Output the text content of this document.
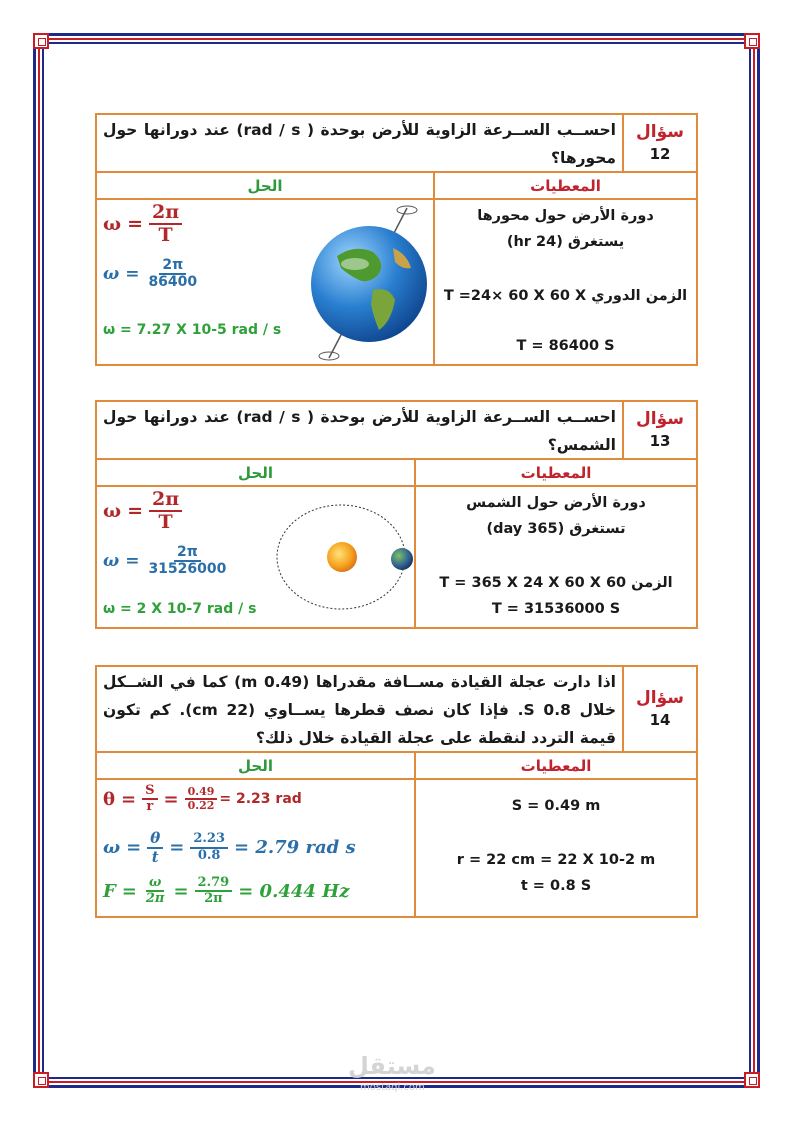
سؤال
12
احســب الســرعة الزاوية للأرض بوحدة ( rad / s) عند دورانها حول محورها؟
المعطيات
الحل
دورة الأرض حول محورها
يستغرق (24 hr)
الزمن الدوري T =24× 60 X 60 X
T = 86400 S
$\omega = \frac{2\pi}{T}$
$\omega = \frac{2\pi}{86400}$
ω = 7.27 X 10-5 rad / s
سؤال
13
احســب الســرعة الزاوية للأرض بوحدة ( rad / s) عند دورانها حول الشمس؟
المعطيات
الحل
دورة الأرض حول الشمس
تستغرق (365 day)
الزمن T = 365 X 24 X 60 X 60
T = 31536000 S
$\omega = \frac{2\pi}{T}$
$\omega = \frac{2\pi}{31526000}$
ω = 2 X 10-7 rad / s
سؤال
14
اذا دارت عجلة القيادة مســافة مقدراها (0.49 m) كما في الشــكل خلال S 0.8. فإذا كان نصف قطرها يســاوي (22 cm). كم تكون قيمة التردد لنقطة على عجلة القيادة خلال ذلك؟
المعطيات
الحل
S = 0.49 m
r = 22 cm = 22 X 10-2 m
t = 0.8 S
$\theta = \frac{S}{r} = \frac{0.49}{0.22} = 2.23$ rad
$\omega = \frac{\theta}{t} = \frac{2.23}{0.8} = 2.79$ rad s
$F = \frac{\omega}{2\pi} = \frac{2.79}{2\pi} = 0.444$ Hz
مستقل
mostaql.com
